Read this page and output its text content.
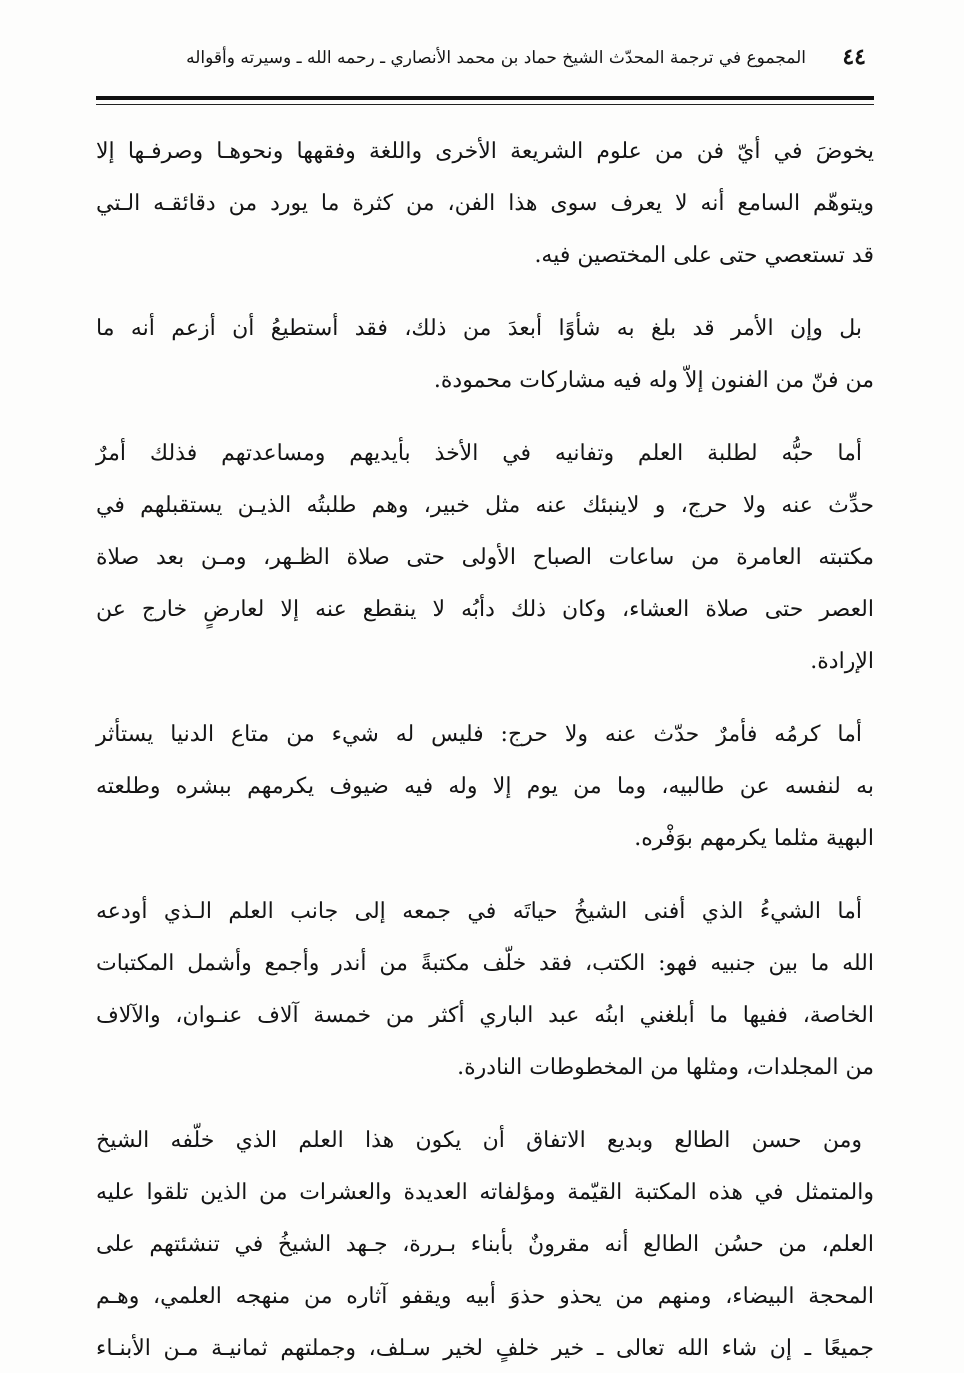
٤٤
المجموع في ترجمة المحدّث الشيخ حماد بن محمد الأنصاري ـ رحمه الله ـ وسيرته وأقواله

يخوضَ في أيّ فن من علوم الشريعة الأخرى واللغة وفقهها ونحوهـا وصرفـها إلا
ويتوهّم السامع أنه لا يعرف سوى هذا الفن، من كثرة ما يورد من دقائقـه الـتي
قد تستعصي حتى على المختصين فيه.

بل وإن الأمر قد بلغ به شأوًا أبعدَ من ذلك، فقد أستطيعُ أن أزعم أنه ما
من فنّ من الفنون إلاّ وله فيه مشاركات محمودة.

أما حبُّه لطلبة العلم وتفانيه في الأخذ بأيديهم ومساعدتهم فذلك أمرٌ
حدِّث عنه ولا حرج، و لاينبئك عنه مثل خبير، وهم طلبتُه الذيـن يستقبلهم في
مكتبته العامرة من ساعات الصباح الأولى حتى صلاة الظـهر، ومـن بعد صلاة
العصر حتى صلاة العشاء، وكان ذلك دأبُه لا ينقطع عنه إلا لعارضٍ خارج عن
الإرادة.

أما كرمُه فأمرٌ حدّث عنه ولا حرج: فليس له شيء من متاع الدنيا يستأثر
به لنفسه عن طالبيه، وما من يوم إلا وله فيه ضيوف يكرمهم ببشره وطلعته
البهية مثلما يكرمهم بوَفْره.

أما الشيءُ الذي أفنى الشيخُ حياتَه في جمعه إلى جانب العلم الـذي أودعه
الله ما بين جنبيه فهو: الكتب، فقد خلّف مكتبةً من أندر وأجمع وأشمل المكتبات
الخاصة، ففيها ما أبلغني ابنُه عبد الباري أكثر من خمسة آلاف عنـوان، والآلاف
من المجلدات، ومثلها من المخطوطات النادرة.

ومن حسن الطالع وبديع الاتفاق أن يكون هذا العلم الذي خلّفه الشيخ
والمتمثل في هذه المكتبة القيّمة ومؤلفاته العديدة والعشرات من الذين تلقوا عليه
العلم، من حسُن الطالع أنه مقرونٌ بأبناء بـررة، جـهد الشيخُ في تنشئتهم على
المحجة البيضاء، ومنهم من يحذو حذوَ أبيه ويقفو آثاره من منهجه العلمي، وهـم
جميعًا ـ إن شاء الله تعالى ـ خير خلفٍ لخير سـلف، وجملتهم ثمانيـة مـن الأبنـاء
